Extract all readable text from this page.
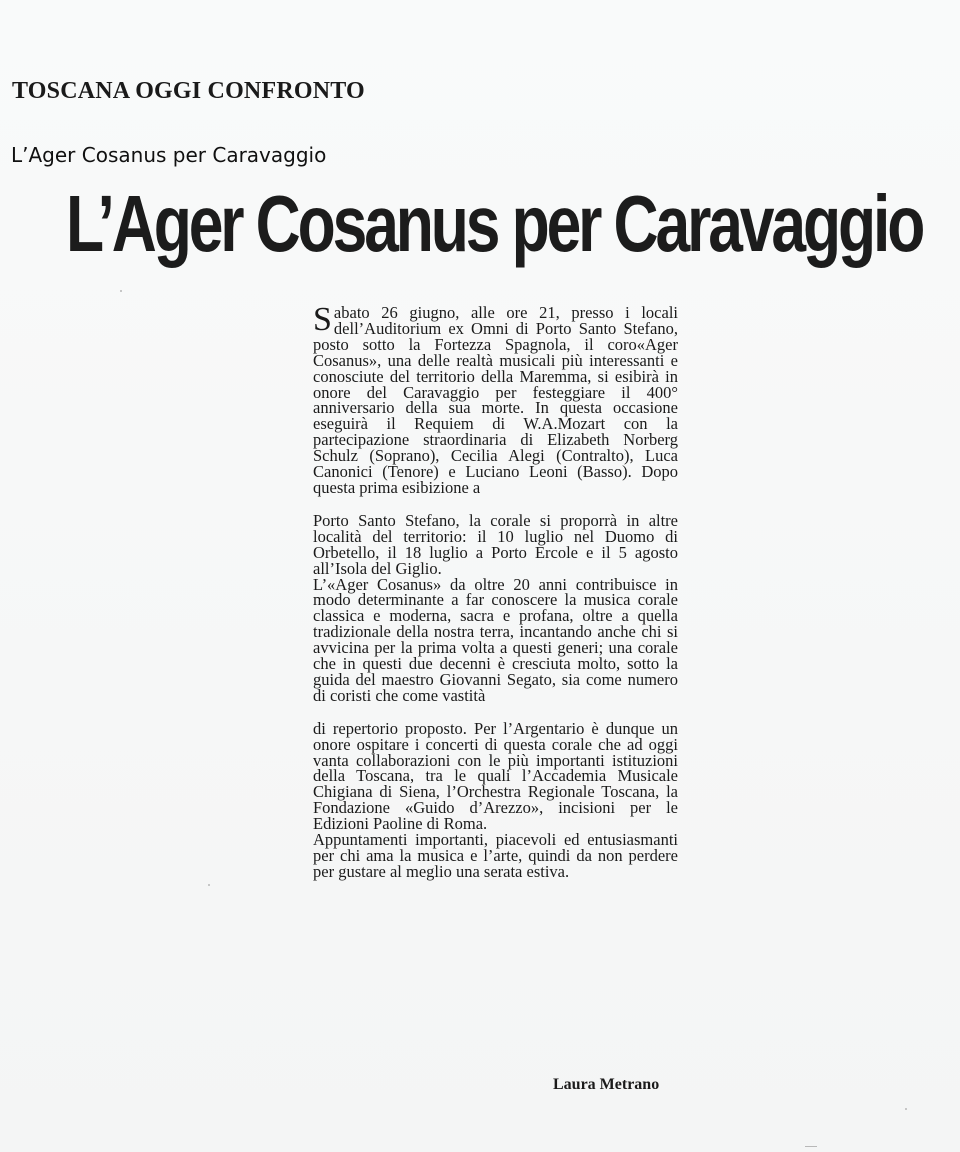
TOSCANA OGGI CONFRONTO
L’Ager Cosanus per Caravaggio
L’Ager Cosanus per Caravaggio

Sabato 26 giugno, alle ore 21, presso i locali dell’Auditorium ex Omni di Porto Santo Stefano, posto sotto la Fortezza Spagnola, il coro«Ager Cosanus», una delle realtà musicali più interessanti e conosciute del territorio della Maremma, si esibirà in onore del Caravaggio per festeggiare il 400° anniversario della sua morte. In questa occasione eseguirà il Requiem di W.A.Mozart con la partecipazione straordinaria di Elizabeth Norberg Schulz (Soprano), Cecilia Alegi (Contralto), Luca Canonici (Tenore) e Luciano Leoni (Basso). Dopo questa prima esibizione a

Porto Santo Stefano, la corale si proporrà in altre località del territorio: il 10 luglio nel Duomo di Orbetello, il 18 luglio a Porto Ercole e il 5 agosto all’Isola del Giglio.

L’«Ager Cosanus» da oltre 20 anni contribuisce in modo determinante a far conoscere la musica corale classica e moderna, sacra e profana, oltre a quella tradizionale della nostra terra, incantando anche chi si avvicina per la prima volta a questi generi; una corale che in questi due decenni è cresciuta molto, sotto la guida del maestro Giovanni Segato, sia come numero di coristi che come vastità

di repertorio proposto. Per l’Argentario è dunque un onore ospitare i concerti di questa corale che ad oggi vanta collaborazioni con le più importanti istituzioni della Toscana, tra le quali l’Accademia Musicale Chigiana di Siena, l’Orchestra Regionale Toscana, la Fondazione «Guido d’Arezzo», incisioni per le Edizioni Paoline di Roma.

Appuntamenti importanti, piacevoli ed entusiasmanti per chi ama la musica e l’arte, quindi da non perdere per gustare al meglio una serata estiva.

Laura Metrano
